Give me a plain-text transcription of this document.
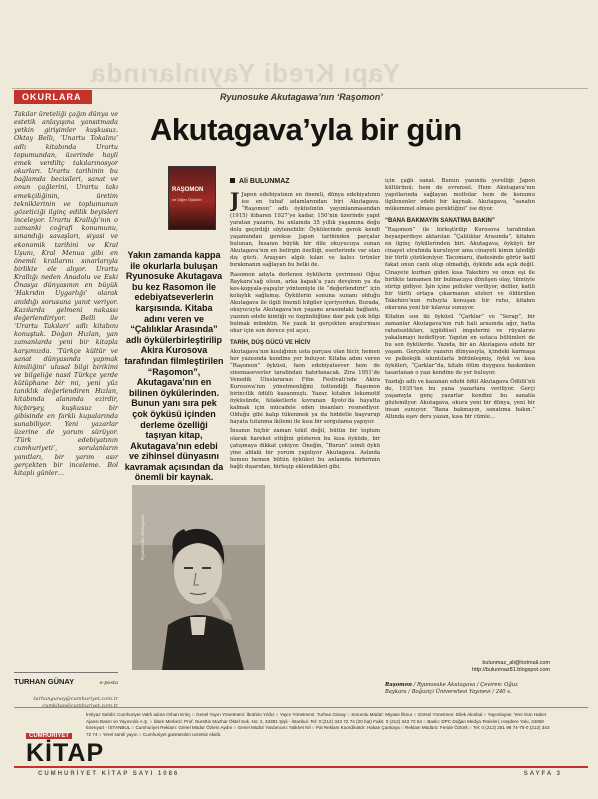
Yapı Kredi Yayınlarında
OKURLARA
Takılar üreteliği çağın dünya ve estetik anlayışına yansıtmada yetkin girişimler kuşkusuz. Oktay Bellı, ‘Unartu Tokalını’ adlı kitabında Urartu topumundan, üzerinde hayli emek verdiltç takılarınosyor okurları. Urartu tarihinin bu bağlamda becisileri, sanat ve onun çağlerini, Urartu takı emekçiliğinin, üretim tekniklerinin ve topluınunun gözeticiği ilginç edilik beyisleri inceleyor. Urartu Krallığı’nın o zamanki coğrafi konumunu, sınandığı savaşları, siyasi ve ekonomik tarihini ve Kral Uşunı, Kral Menua gibi en önemli krallarını sınarlarıyla birlikte ele alıyor. Urartu Krallığı neden Anadolu ve Eski Önasya dünyasının en büyük ‘Hakrıdın Uygarlığı’ olarak anıldığı sorusuna yanıt veriyor. Kazılarda gelmeni nakassı değerlendiriyor. Belli ile ‘Urartu Takıları’ adlı kitabını konuştuk. Doğan Hızlan, yan zamanlarda yeni bir kitapla karşımızda. ‘Türkçe kültür ve sanat dünyasında yapmak kimiliğini’ ulusal bilgi birikimi ve bilgeliğe nasıl Türkçe yerde kütüphane bir mi, yeni yüz tanıklık değerlendiren Hızlan, kitabında alanında ezirdir, hiçbirşey, kuşkusuz bir gibisinde en farklı kupalarında sunabiliyor. Yeni yazarlar üzerine de yorum sürüyor. ‘Türk edebiyatının cumhuriyeti’, sorulanların yanıtları, bir yarım asır gerçekten bir inceleme. Bol kitaplı günler…
e-posta
TURHAN GÜNAY
turhangunay@cumhuriyet.com.tr
cumkitap@cumhuriyet.com.tr
Ryunosuke Akutagawa’nın ‘Raşomon’
Akutagava’yla bir gün
Ali BULUNMAZ
RAŞOMON
ve Diğer Öyküler
Yakın zamanda kappa ile okurlarla buluşan Ryunosuke Akutagava bu kez Rasomon ile edebiyatseverlerin karşısında. Kitaba adını veren ve “Çalılıklar Arasında” adlı öykülerbirleştirilip Akira Kurosova tarafından filmleştirilen “Raşomon”, Akutagava’nın en bilinen öykülerinden. Bunun yanı sıra pek çok öyküsü içinden derleme özelliği taşıyan kitap, Akutagava’nın edebi ve zihinsel dünyasını kavramak açısından da önemli bir kaynak.
Ryunosuke Akutagawa

J Japon edebiyatının en önemli, dünya edebiyatının ise en tuhaf adamlarından biri Akutagava. “Raşomon” adlı öyküsünün yayımlanmasından (1915) itibaren 1927’ye kadar, 150’nin üzerinde yapıt yaratan yazarın, bu anlamda 35 yıllık yaşamına doğu dolu geçirdiği söylenebilir. Öykülerinde gerek kendi yaşamından gerekse Japon tarihinden parçalar bulunan, İnsanın büyük bir dile okuyucuya sunan Akutagava’nın en belirgin özelliği, eserlerinde var olan dış gücü. Araşyarı algılı kılan ve kalıcı ürünler bırakmanın sağlayan bu belki de.

Rasomon adıyla derlenen öykülerin çevirmeni Oğuz Baykara’sağ olsun, arka kapak’a yazı devşiren ya da kes-kopyala-yapıştır yöntemiyle ile “değerlendirir” için kolaylık sağlamış. Öykülerin sonuna sunanı olduğu Akutagava ile ilgili önemli bilgiler içeriyordun. Burada, okuyucuyla Akutagava’nın yaşamı arasındaki bağlantı, yazının edebi kimliği ve özgünlüğüne dair pek çok bilgi bulmak mümkün. Ne yazık ki gerçekten araştırması okur için son derece yol açıcı.

TARİH, DÜŞ GÜCÜ VE HİCİV

Akutagava’nın kısılığının usta parçası olan hicir, hemen her yazısında kendine yer buluyor. Kitaba adını veren “Raşomon” öyküsü, hem edebiyatsever hem de sinemaseverler tarafından hatırlanacak. Zira 1951’de Venedik Uluslararası Film Festivali’nde Akira Kurosova’nın yönetmenliğini üstlendiği Raşomon birincilik ödülü kazanmıştı. Yazar, kitabın lokomotif öyküsünde, felaketlerle kıvranan Kyoto’da hayatta kalmak için mücadele eden insanları resmediyor. Olduğu gibi kalıp tükenmek ya da hiddetle başvurup hayata tutunma ikilemi ile kısa bir sorgulama yapıyor.

İnsanın hiçbir zaman tekil değil, bütün bir toplum olarak hareket ettiğini gösteren bu kısa öyküde, bir çatışmaya dikkat çekiyor. Öneğin, “Burun” isimli öykü yine ahlaki bir yorum yapılıyor Akutagava. Aslında hemen hemen bütün öyküleri bu anlamda birbirinin bağlı dışarıdan, birleşip eklendikleri gibi.

için çağlı sanat. Bunun yanında yerelliği Japon kültürünü; hem de evrensel. Hem Akutagava’nın yapıtlarında sağlayan mottolar hem de konumu ilgilenenler edebi bir kaynak. Akutagava, “sanatın mükemmel olması gerektiğini” ise diyor.

“BANA BAKMAYIN SANATIMA BAKIN”

“Raşomon” ile birleştirilip Kurosova tarafından beyazperdeye aktarılan “Çalılıklar Arasında”, kitabın en ilginç öykülerinden biri. Akutagava, öyküyü bir cinayet etrafında kuruluyor ama cinayeti kimin işlediği bir türlü çözülemiyor. Tacomaru, ifadesinde görür katil fakat onun canlı olup olmadığı, öyküde ada açık değil. Cinayete kurban giden kısa Takehiro ve onun eşi ile birlikte tamamen bir bulmacaya dönüşen olay, tümüyle sürüp gidiyor. İşin içine polisler veriliyor, deliler, katili bir türlü ortaya çıkarmanın sözleri ve öldürülen Takehiro’nun ruhuyla konuşan bir ruhu, kitabın okuruna yeni bir kılavuz sunuyor.

Kitabın son iki öyküsü “Çarklar” ve “Serap”, bir zamanlar Akutagava’nın ruh hali arasında ağır, hatta rahatsızlıkları, içgüdüsel imgelerini ve rüyalarını yakalamayı hedefliyor. Yapıtın en ustaca bölümleri de bu son öykülerde. Yazıda, bir an Akutagava edebi bir yaşam. Gerçekte yazarın dünyasıyla, içindeki karmaşa ve psikolojik sıkıntılarla bütünleşmiş, öykü ve kısa öyküleri, “Çarklar”da, kitabı ölüm duygusu baskınken tasarlanan o yazı kendine de yer buluyor.

Yazdığı adlı ve kazanan edebi ödül Akutagava Ödülü’nü de, 1935’ten bu yana yazarlara veriliyor. Gerçi yaşamıyla genç yazarlar kendini bu sanatla gözlemliyor. Akutagava, okura yeni bir dünya, yeni bir insan sunuyor. “Bana bakmayın, sanatıma bakın.” Altında eşev ders yazan, kısa bir cümle…

bulunmaz_ali@hotmail.com
http://bulunmaz81.blogspot.com
Raşomon / Ryunosuke Akutagava / Çeviren: Oğuz Baykara / Boğaziçi Üniversitesi Yayınevi / 240 s.
CUMHURİYET
KİTAP
İmtiyaz Sahibi: Cumhuriyet Vakfı adına Orhan Erinç ○ Genel Yayın Yönetmeni: İbrahim Yıldız ○ Yayın Yönetmeni: Turhan Günay ○ Sorumlu Müdür: Miyase İlknur ○ Görsel Yönetmen: Dilek Akınbal ○ Yayımlayan: Yeni Gün Haber Ajansı Basın ve Yayıncılık A.Ş. ○ İdare Merkezi: Prof. Nurettin Mazhar Öktel Sok. No: 2, 34381 Şişli - İstanbul. Tel: 0 (212) 343 72 74 (20 hat) Faks: 0 (212) 343 72 64 ○ Baskı: DPC Doğan Medya Tesisleri, Hoşdere Yolu, 34850 Esenyurt - İSTANBUL ○ Cumhuriyet Reklam: Genel Müdür Özlem Aydın ○ Genel Müdür Yardımcısı: Nükhet Nil ○ Pal Reklam Koordinatör: Hakan Çankaya ○ Reklam Müdürü: Feride Öztürk ○ Tel: 0 (212) 251 98 74-75-0 (212) 343 72 74 ○ Yerel süreli yayın ○ Cumhuriyet gazetesinin ücretsiz ekidir.
CUMHURİYET KİTAP SAYI 1086	SAYFA 3
